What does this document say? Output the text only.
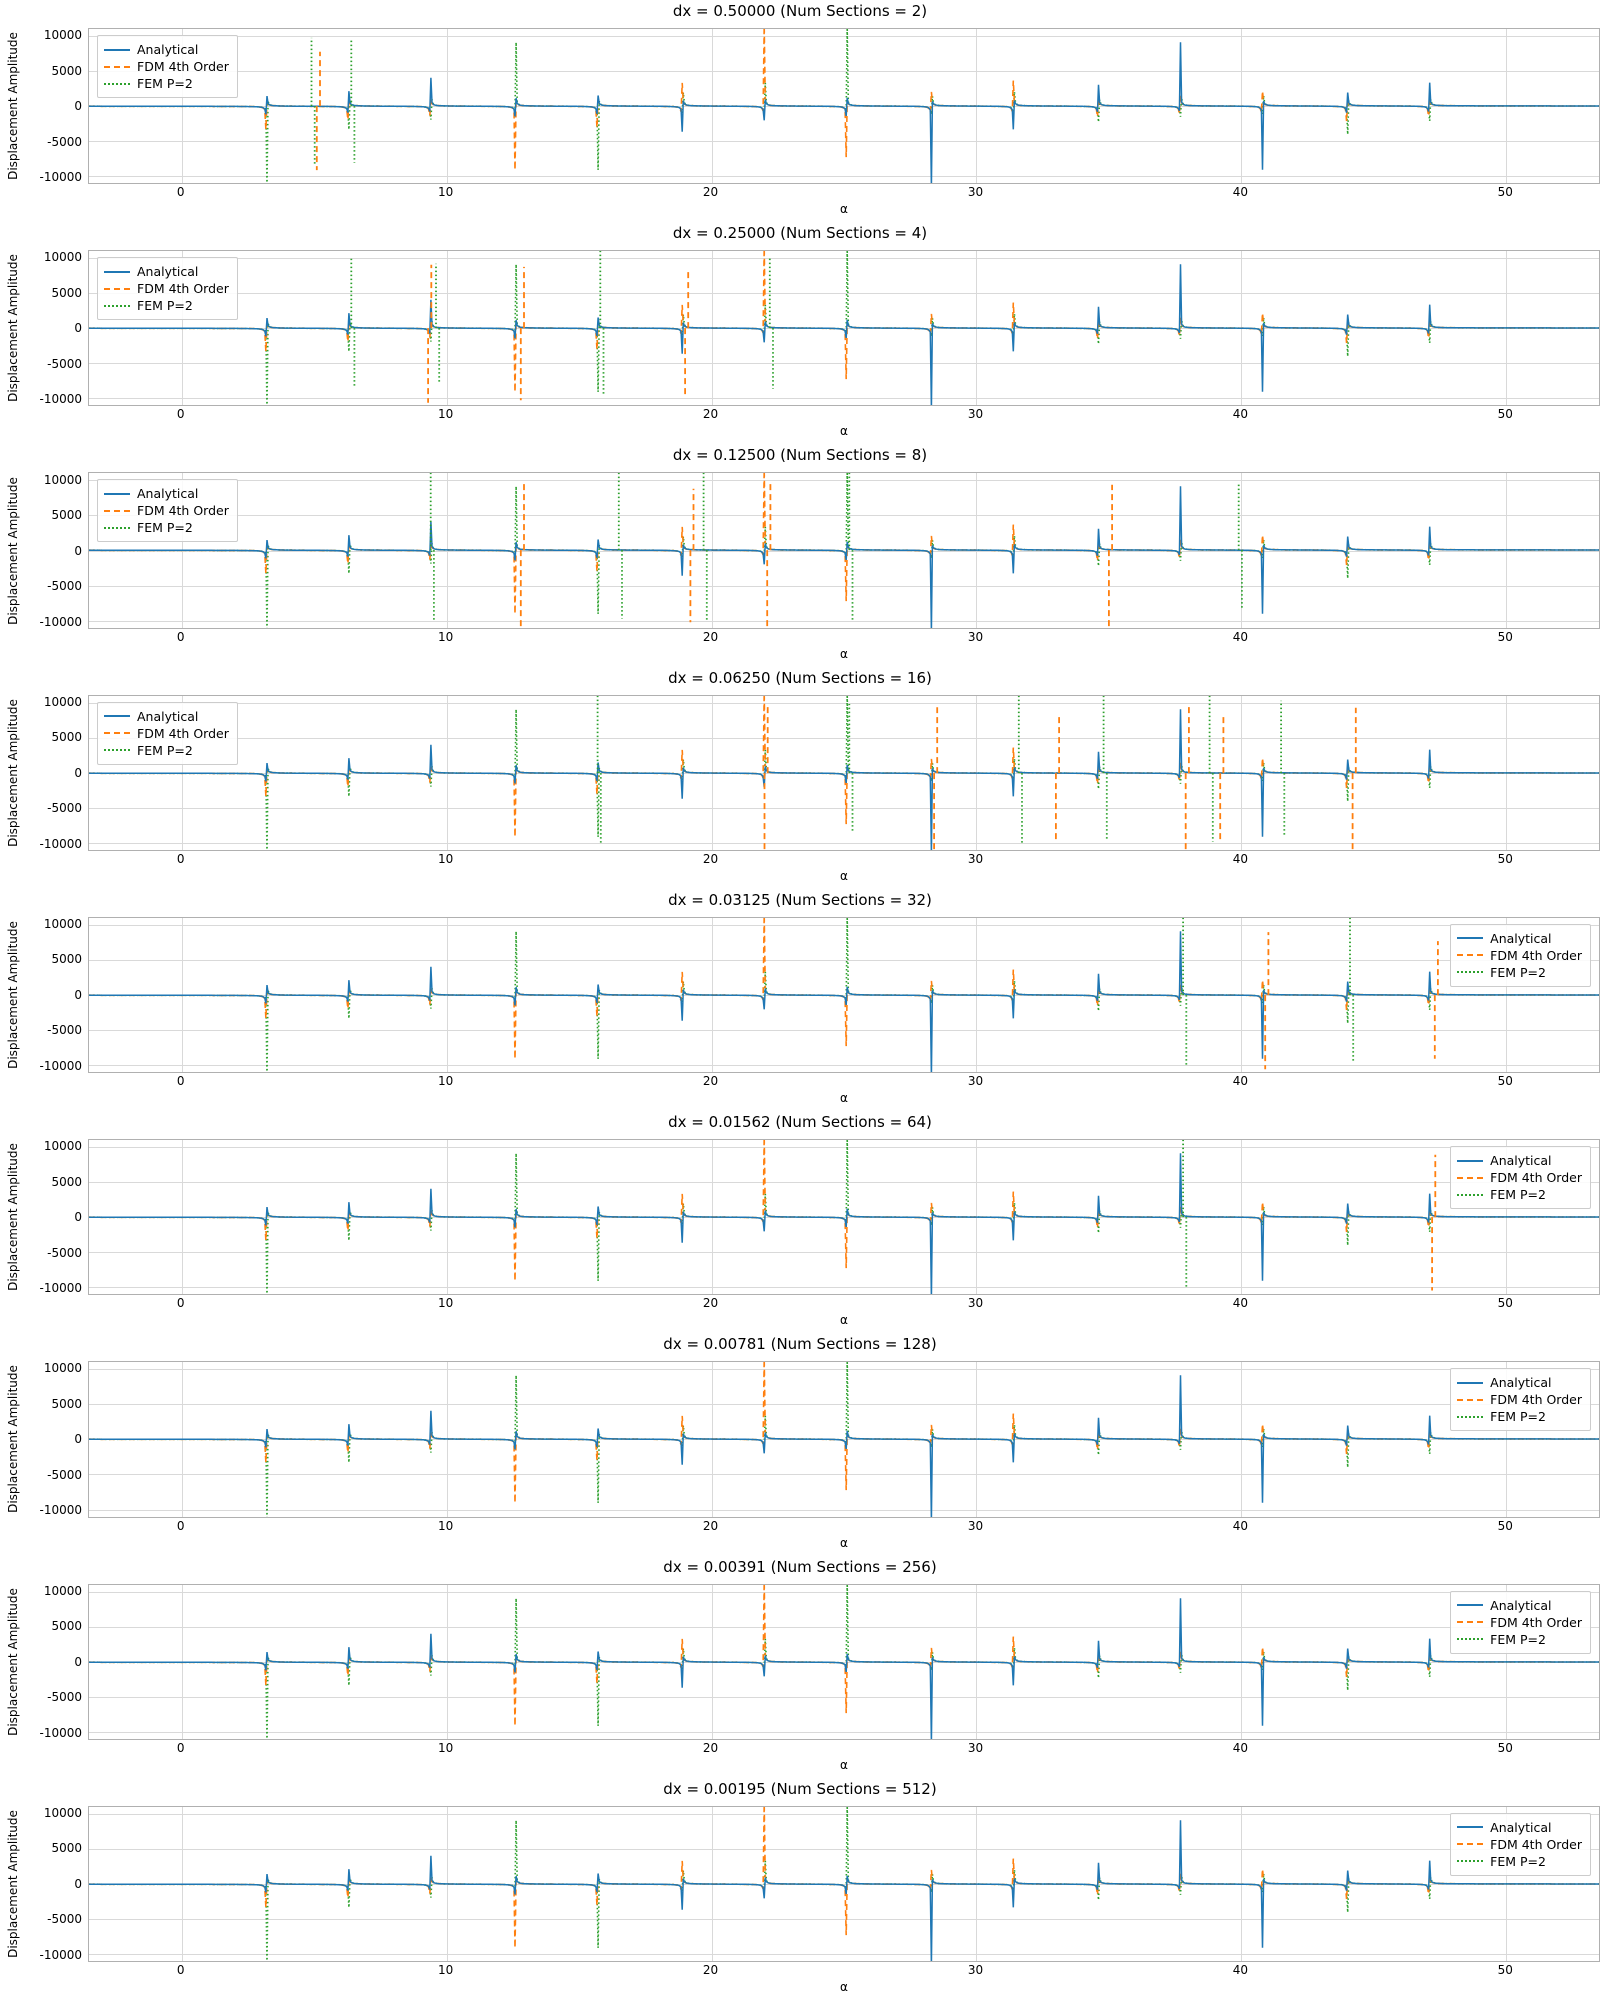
dx = 0.50000 (Num Sections = 2)
Displacement Amplitude -10000
-5000
0
5000
10000
Analytical
FDM 4th Order
FEM P=2
0	10	20	30	40	50
α
dx = 0.25000 (Num Sections = 4)
Displacement Amplitude -10000
-5000
0
5000
10000
Analytical
FDM 4th Order
FEM P=2
0	10	20	30	40	50
α
dx = 0.12500 (Num Sections = 8)
Displacement Amplitude -10000
-5000
0
5000
10000
Analytical
FDM 4th Order
FEM P=2
0	10	20	30	40	50
α
dx = 0.06250 (Num Sections = 16)
Displacement Amplitude -10000
-5000
0
5000
10000
Analytical
FDM 4th Order
FEM P=2
0	10	20	30	40	50
α
dx = 0.03125 (Num Sections = 32)
Displacement Amplitude -10000
-5000
0
5000
10000
Analytical
FDM 4th Order
FEM P=2
0	10	20	30	40	50
α
dx = 0.01562 (Num Sections = 64)
Displacement Amplitude -10000
-5000
0
5000
10000
Analytical
FDM 4th Order
FEM P=2
0	10	20	30	40	50
α
dx = 0.00781 (Num Sections = 128)
Displacement Amplitude -10000
-5000
0
5000
10000
Analytical
FDM 4th Order
FEM P=2
0	10	20	30	40	50
α
dx = 0.00391 (Num Sections = 256)
Displacement Amplitude -10000
-5000
0
5000
10000
Analytical
FDM 4th Order
FEM P=2
0	10	20	30	40	50
α
dx = 0.00195 (Num Sections = 512)
Displacement Amplitude -10000
-5000
0
5000
10000
Analytical
FDM 4th Order
FEM P=2
0	10	20	30	40	50
α
